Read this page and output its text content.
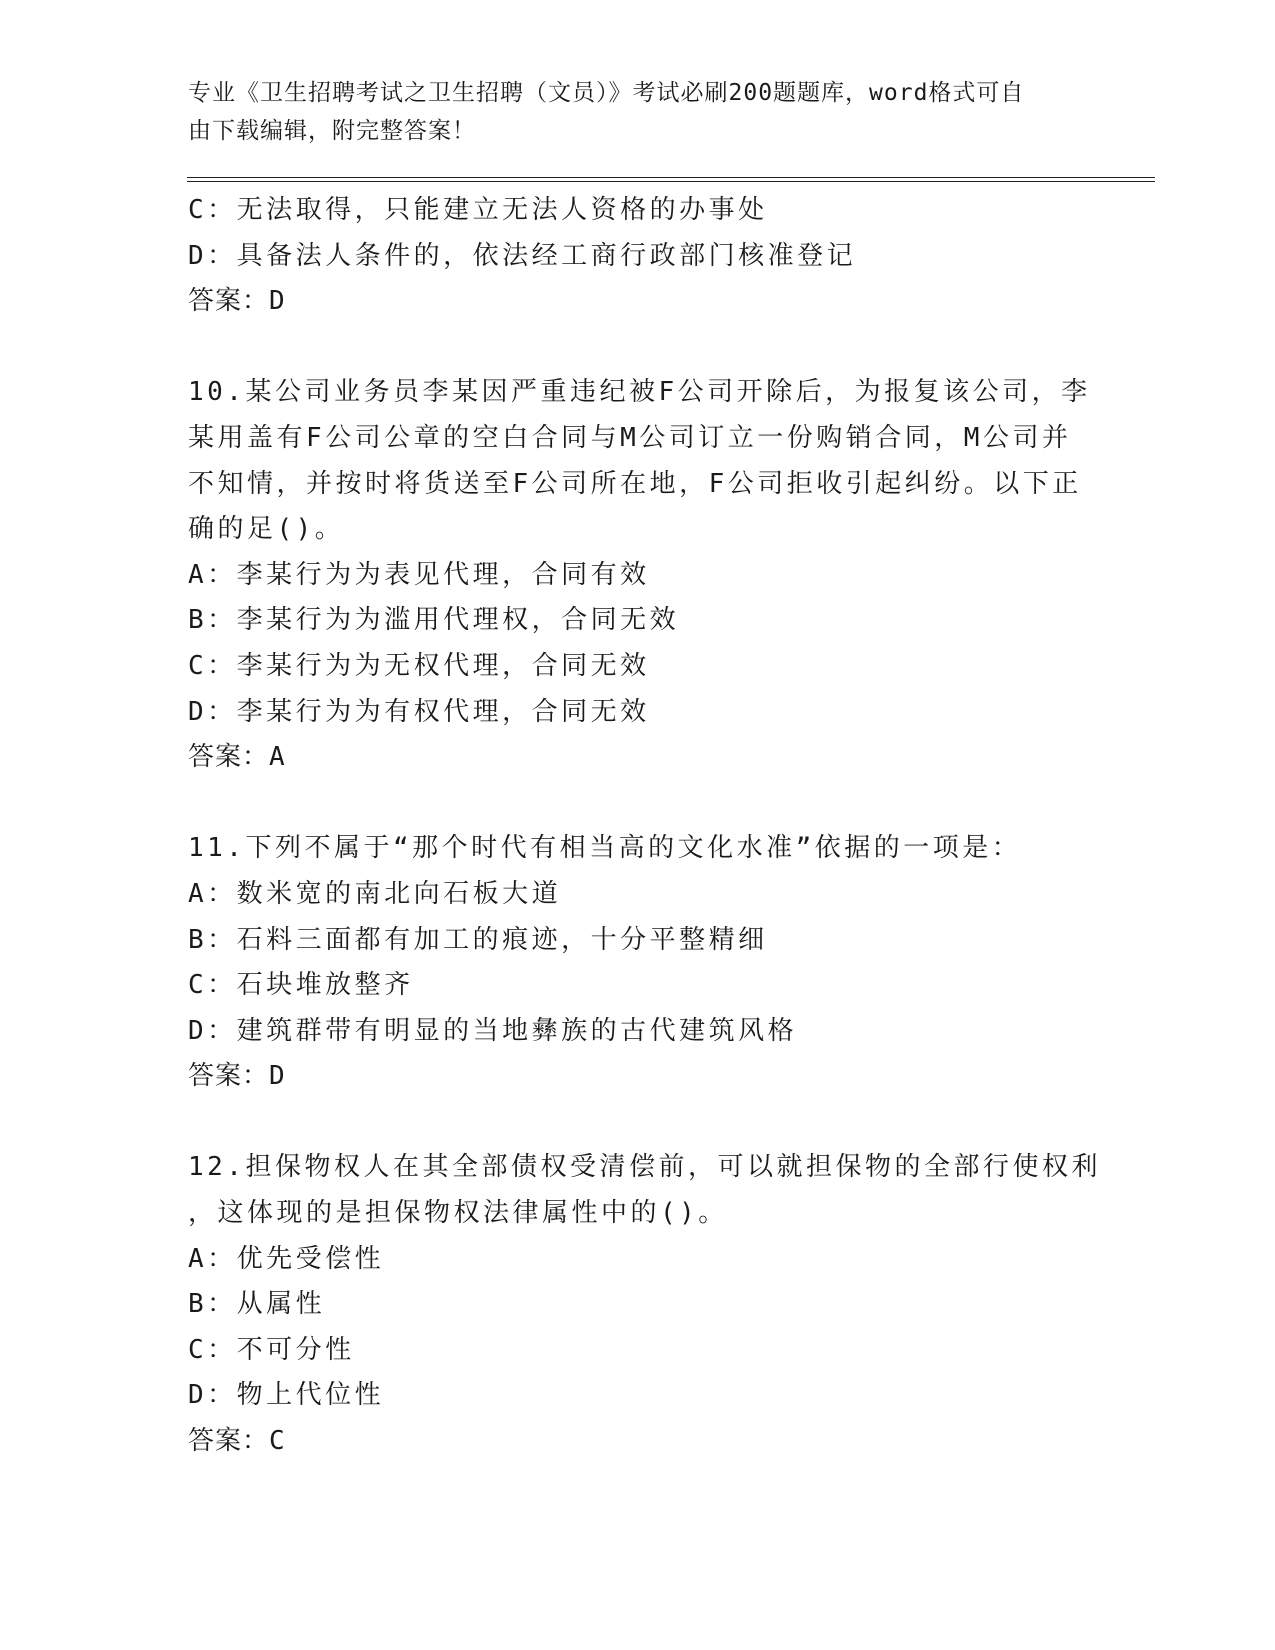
专业《卫生招聘考试之卫生招聘（文员）》考试必刷200题题库，word格式可自
由下载编辑，附完整答案！
C：无法取得，只能建立无法人资格的办事处
D：具备法人条件的，依法经工商行政部门核准登记
答案：D
10.某公司业务员李某因严重违纪被F公司开除后，为报复该公司，李
某用盖有F公司公章的空白合同与M公司订立一份购销合同，M公司并
不知情，并按时将货送至F公司所在地，F公司拒收引起纠纷。以下正
确的足()。
A：李某行为为表见代理，合同有效
B：李某行为为滥用代理权，合同无效
C：李某行为为无权代理，合同无效
D：李某行为为有权代理，合同无效
答案：A
11.下列不属于“那个时代有相当高的文化水准”依据的一项是：
A：数米宽的南北向石板大道
B：石料三面都有加工的痕迹，十分平整精细
C：石块堆放整齐
D：建筑群带有明显的当地彝族的古代建筑风格
答案：D
12.担保物权人在其全部债权受清偿前，可以就担保物的全部行使权利
，这体现的是担保物权法律属性中的()。
A：优先受偿性
B：从属性
C：不可分性
D：物上代位性
答案：C
